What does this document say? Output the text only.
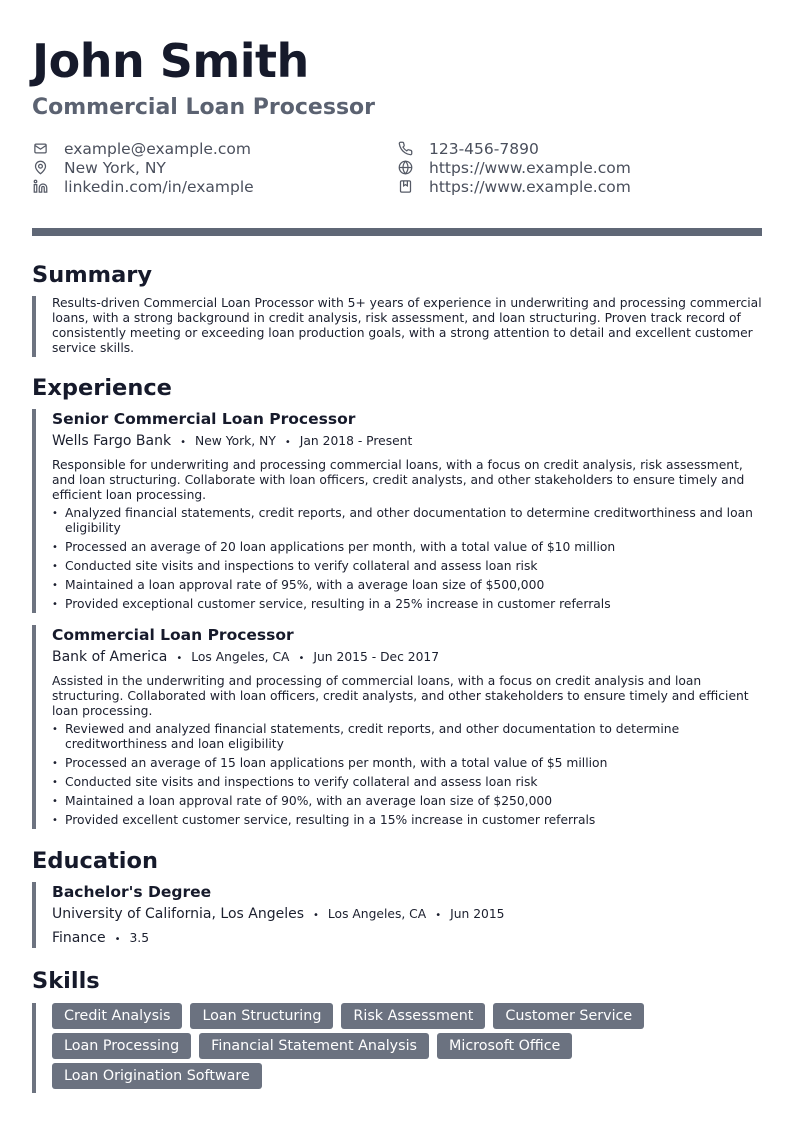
John Smith
Commercial Loan Processor
example@example.com	123-456-7890
New York, NY	https://www.example.com
linkedin.com/in/example	https://www.example.com
Summary
Results-driven Commercial Loan Processor with 5+ years of experience in underwriting and processing commercial loans, with a strong background in credit analysis, risk assessment, and loan structuring. Proven track record of consistently meeting or exceeding loan production goals, with a strong attention to detail and excellent customer service skills.
Experience
Senior Commercial Loan Processor
Wells Fargo Bank • New York, NY • Jan 2018 - Present
Responsible for underwriting and processing commercial loans, with a focus on credit analysis, risk assessment, and loan structuring. Collaborate with loan officers, credit analysts, and other stakeholders to ensure timely and efficient loan processing.
• Analyzed financial statements, credit reports, and other documentation to determine creditworthiness and loan eligibility
• Processed an average of 20 loan applications per month, with a total value of $10 million
• Conducted site visits and inspections to verify collateral and assess loan risk
• Maintained a loan approval rate of 95%, with a average loan size of $500,000
• Provided exceptional customer service, resulting in a 25% increase in customer referrals
Commercial Loan Processor
Bank of America • Los Angeles, CA • Jun 2015 - Dec 2017
Assisted in the underwriting and processing of commercial loans, with a focus on credit analysis and loan structuring. Collaborated with loan officers, credit analysts, and other stakeholders to ensure timely and efficient loan processing.
• Reviewed and analyzed financial statements, credit reports, and other documentation to determine creditworthiness and loan eligibility
• Processed an average of 15 loan applications per month, with a total value of $5 million
• Conducted site visits and inspections to verify collateral and assess loan risk
• Maintained a loan approval rate of 90%, with an average loan size of $250,000
• Provided excellent customer service, resulting in a 15% increase in customer referrals
Education
Bachelor's Degree
University of California, Los Angeles • Los Angeles, CA • Jun 2015
Finance • 3.5
Skills
Credit Analysis	Loan Structuring	Risk Assessment	Customer Service
Loan Processing	Financial Statement Analysis	Microsoft Office
Loan Origination Software
